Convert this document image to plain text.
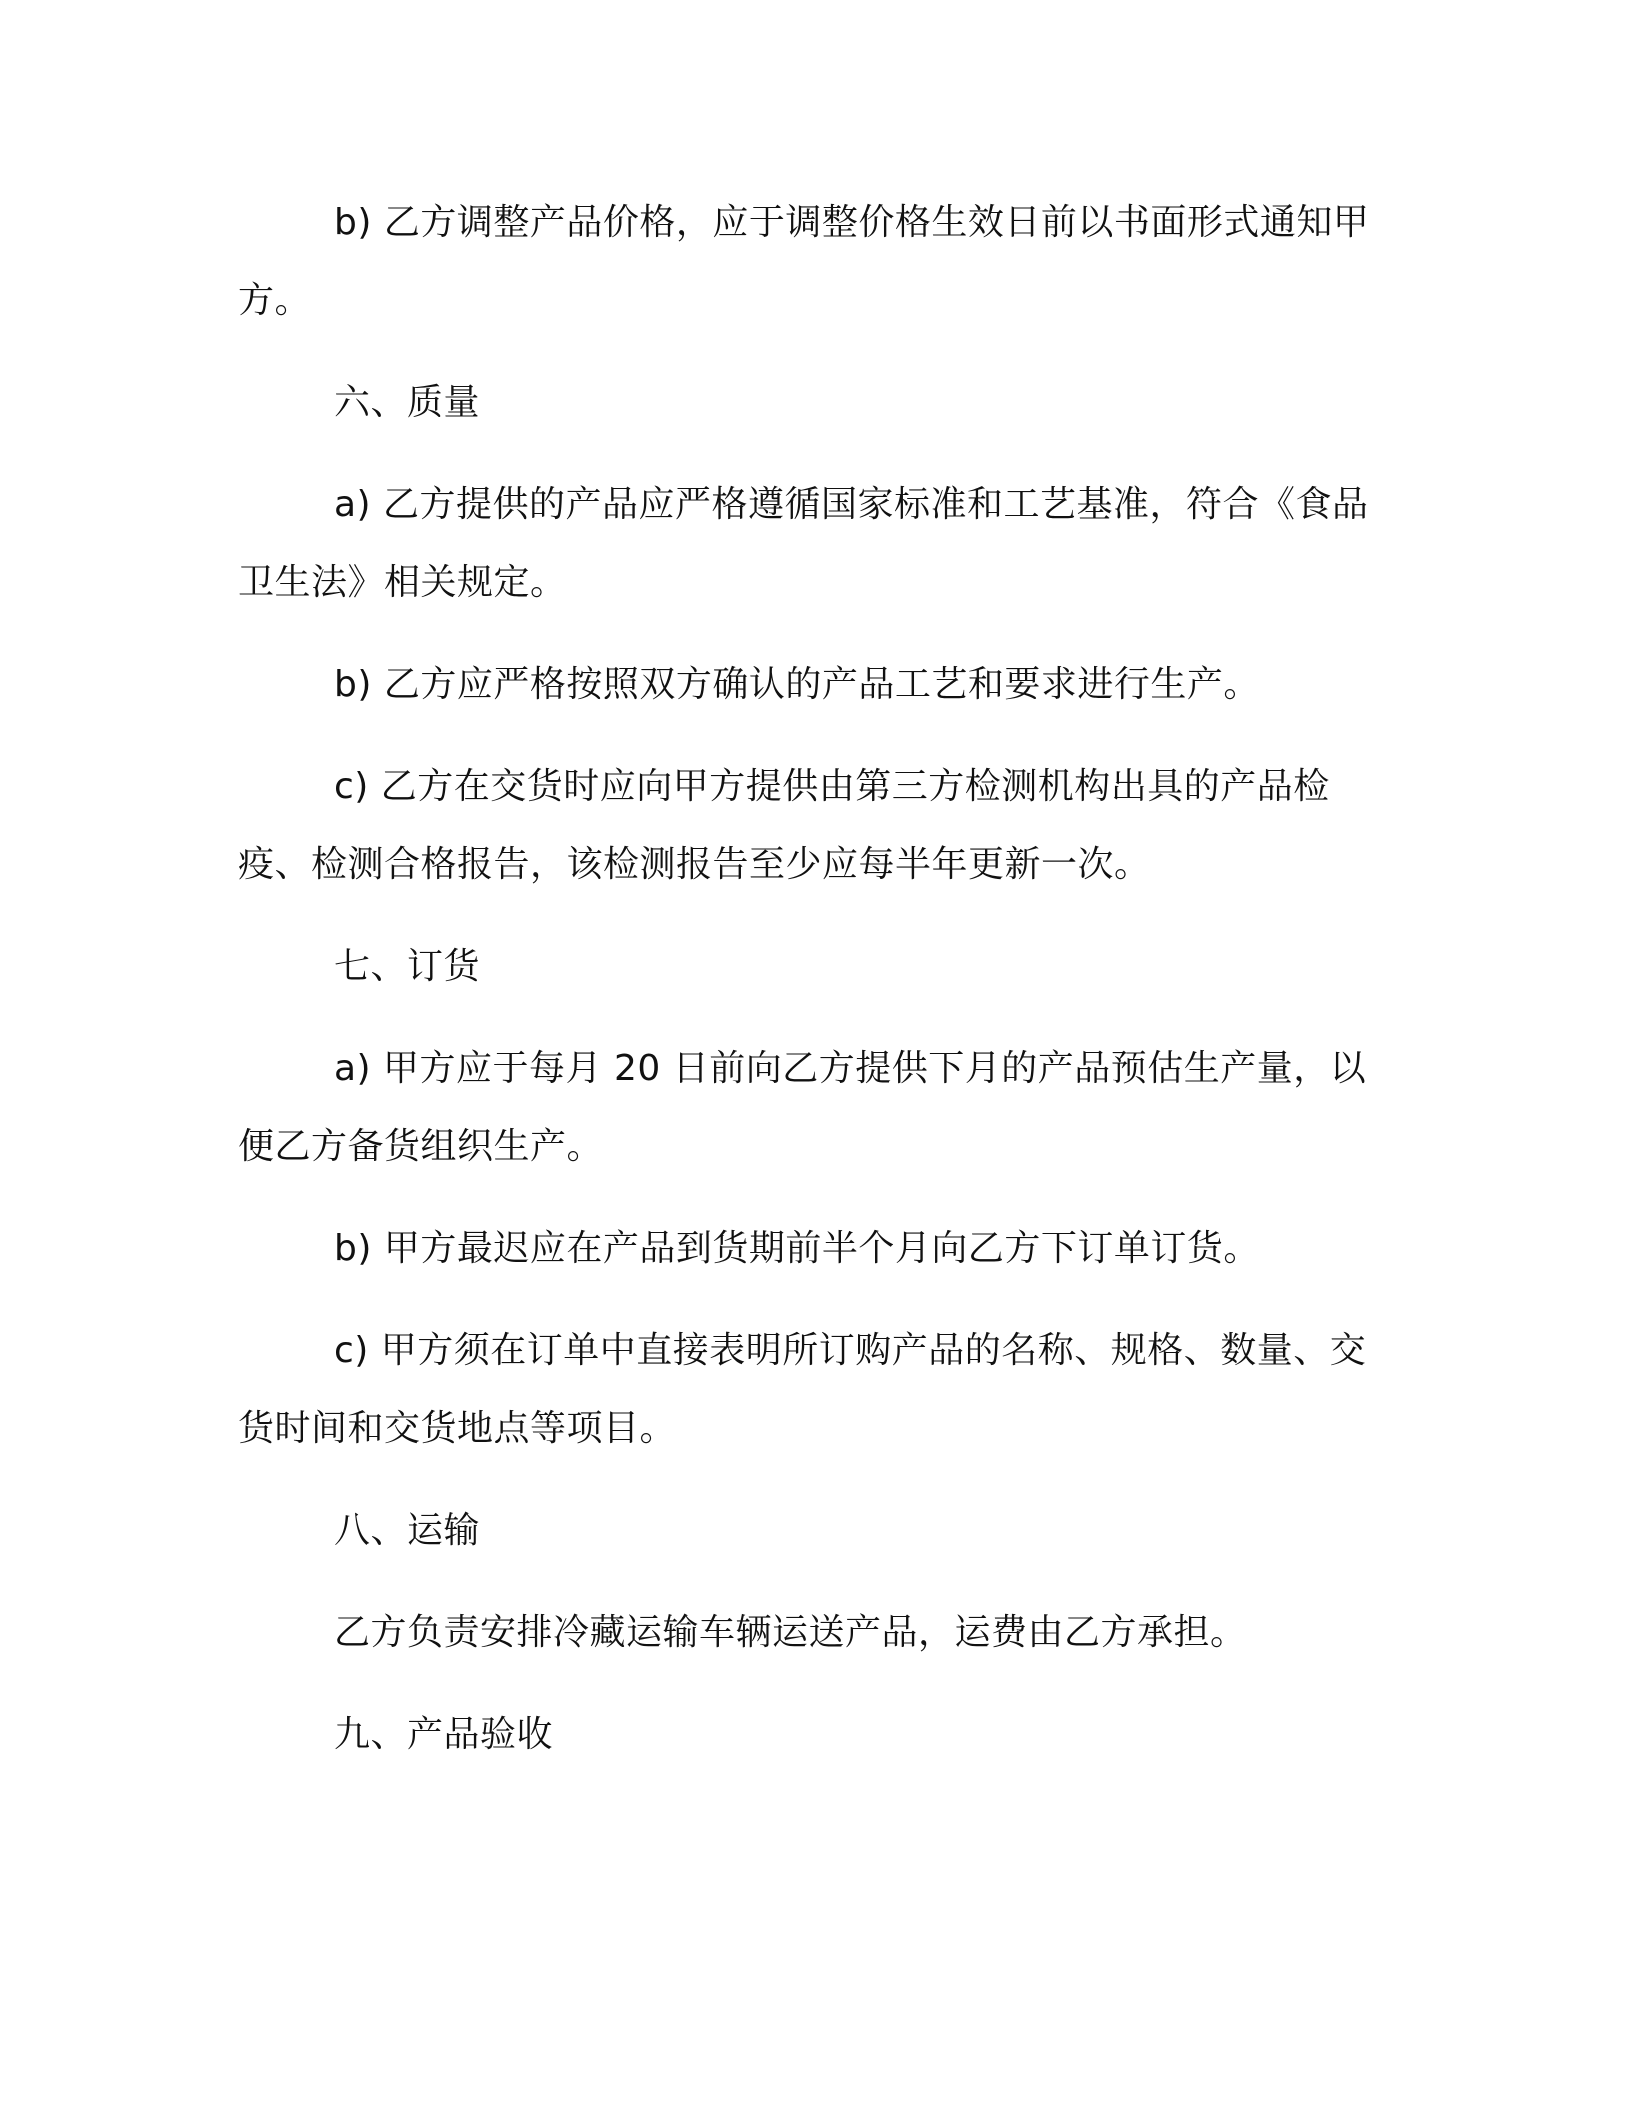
b) 乙方调整产品价格，应于调整价格生效日前以书面形式通知甲方。

六、质量

a) 乙方提供的产品应严格遵循国家标准和工艺基准，符合《食品卫生法》相关规定。

b) 乙方应严格按照双方确认的产品工艺和要求进行生产。

c) 乙方在交货时应向甲方提供由第三方检测机构出具的产品检疫、检测合格报告，该检测报告至少应每半年更新一次。

七、订货

a) 甲方应于每月 20 日前向乙方提供下月的产品预估生产量，以便乙方备货组织生产。

b) 甲方最迟应在产品到货期前半个月向乙方下订单订货。

c) 甲方须在订单中直接表明所订购产品的名称、规格、数量、交货时间和交货地点等项目。

八、运输

乙方负责安排冷藏运输车辆运送产品，运费由乙方承担。

九、产品验收
